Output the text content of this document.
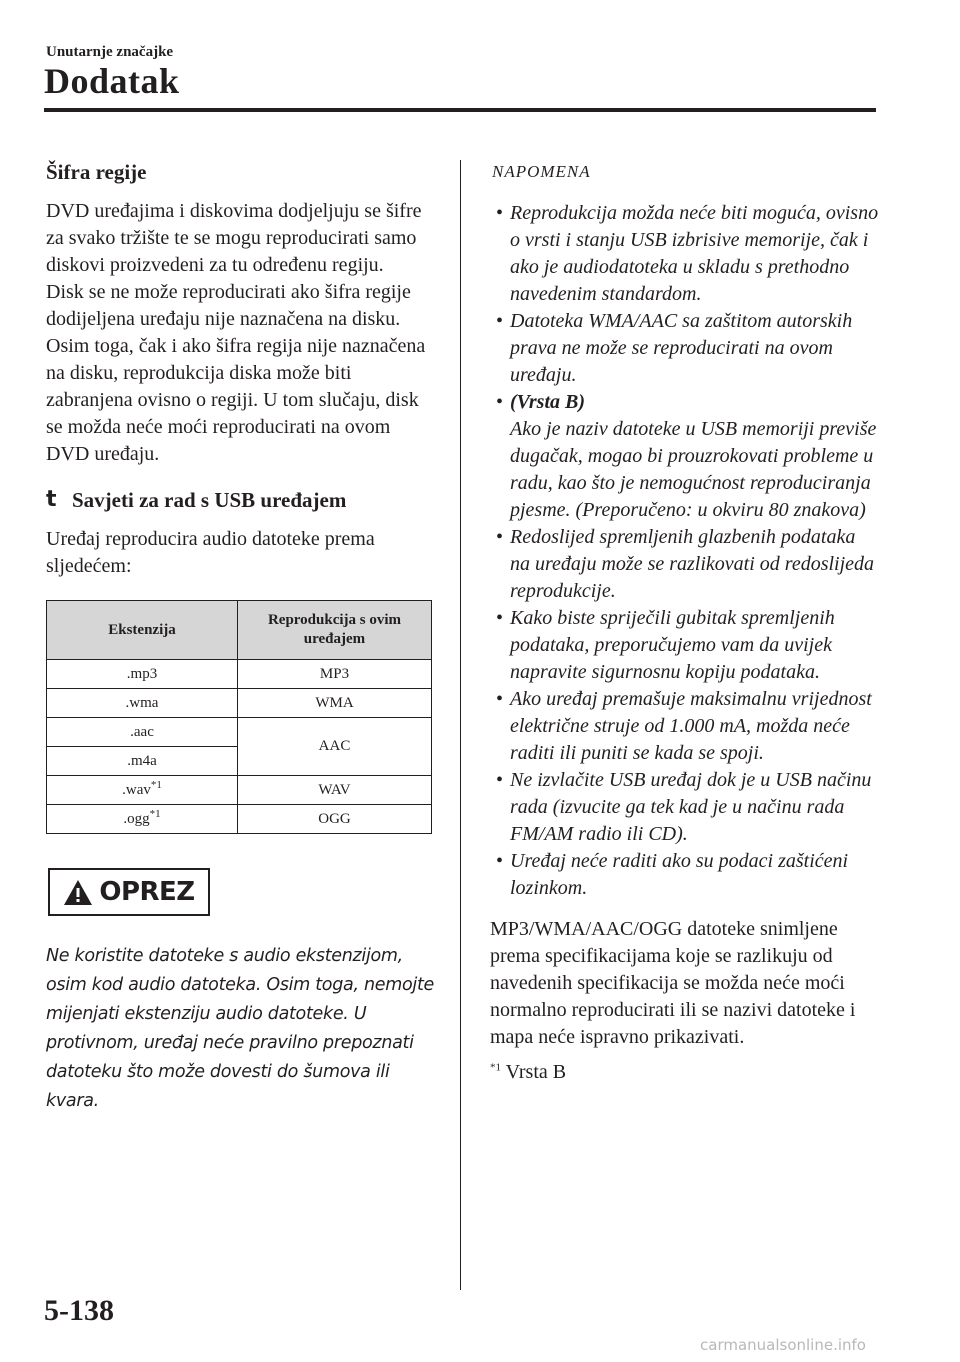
Unutarnje značajke
Dodatak
Šifra regije

DVD uređajima i diskovima dodjeljuju se šifre za svako tržište te se mogu reproducirati samo diskovi proizvedeni za tu određenu regiju.

Disk se ne može reproducirati ako šifra regije dodijeljena uređaju nije naznačena na disku.

Osim toga, čak i ako šifra regija nije naznačena na disku, reprodukcija diska može biti zabranjena ovisno o regiji. U tom slučaju, disk se možda neće moći reproducirati na ovom DVD uređaju.

t Savjeti za rad s USB uređajem

Uređaj reproducira audio datoteke prema sljedećem:

Ekstenzija	Reprodukcija s ovim uređajem
.mp3	MP3
.wma	WMA
.aac	AAC
.m4a	
.wav$^{*1}$	WAV
.ogg$^{*1}$	OGG
OPREZ
Ne koristite datoteke s audio ekstenzijom, osim kod audio datoteka. Osim toga, nemojte mijenjati ekstenziju audio datoteke. U protivnom, uređaj neće pravilno prepoznati datoteku što može dovesti do šumova ili kvara.
NAPOMENA
• Reprodukcija možda neće biti moguća, ovisno o vrsti i stanju USB izbrisive memorije, čak i ako je audiodatoteka u skladu s prethodno navedenim standardom.
• Datoteka WMA/AAC sa zaštitom autorskih prava ne može se reproducirati na ovom uređaju.
• (Vrsta B)
Ako je naziv datoteke u USB memoriji previše dugačak, mogao bi prouzrokovati probleme u radu, kao što je nemogućnost reproduciranja pjesme. (Preporučeno: u okviru 80 znakova)
• Redoslijed spremljenih glazbenih podataka na uređaju može se razlikovati od redoslijeda reprodukcije.
• Kako biste spriječili gubitak spremljenih podataka, preporučujemo vam da uvijek napravite sigurnosnu kopiju podataka.
• Ako uređaj premašuje maksimalnu vrijednost električne struje od 1.000 mA, možda neće raditi ili puniti se kada se spoji.
• Ne izvlačite USB uređaj dok je u USB načinu rada (izvucite ga tek kad je u načinu rada FM/AM radio ili CD).
• Uređaj neće raditi ako su podaci zaštićeni lozinkom.

MP3/WMA/AAC/OGG datoteke snimljene prema specifikacijama koje se razlikuju od navedenih specifikacija se možda neće moći normalno reproducirati ili se nazivi datoteke i mapa neće ispravno prikazivati.

$^{*1}$ Vrsta B

5-138
carmanualsonline.info
